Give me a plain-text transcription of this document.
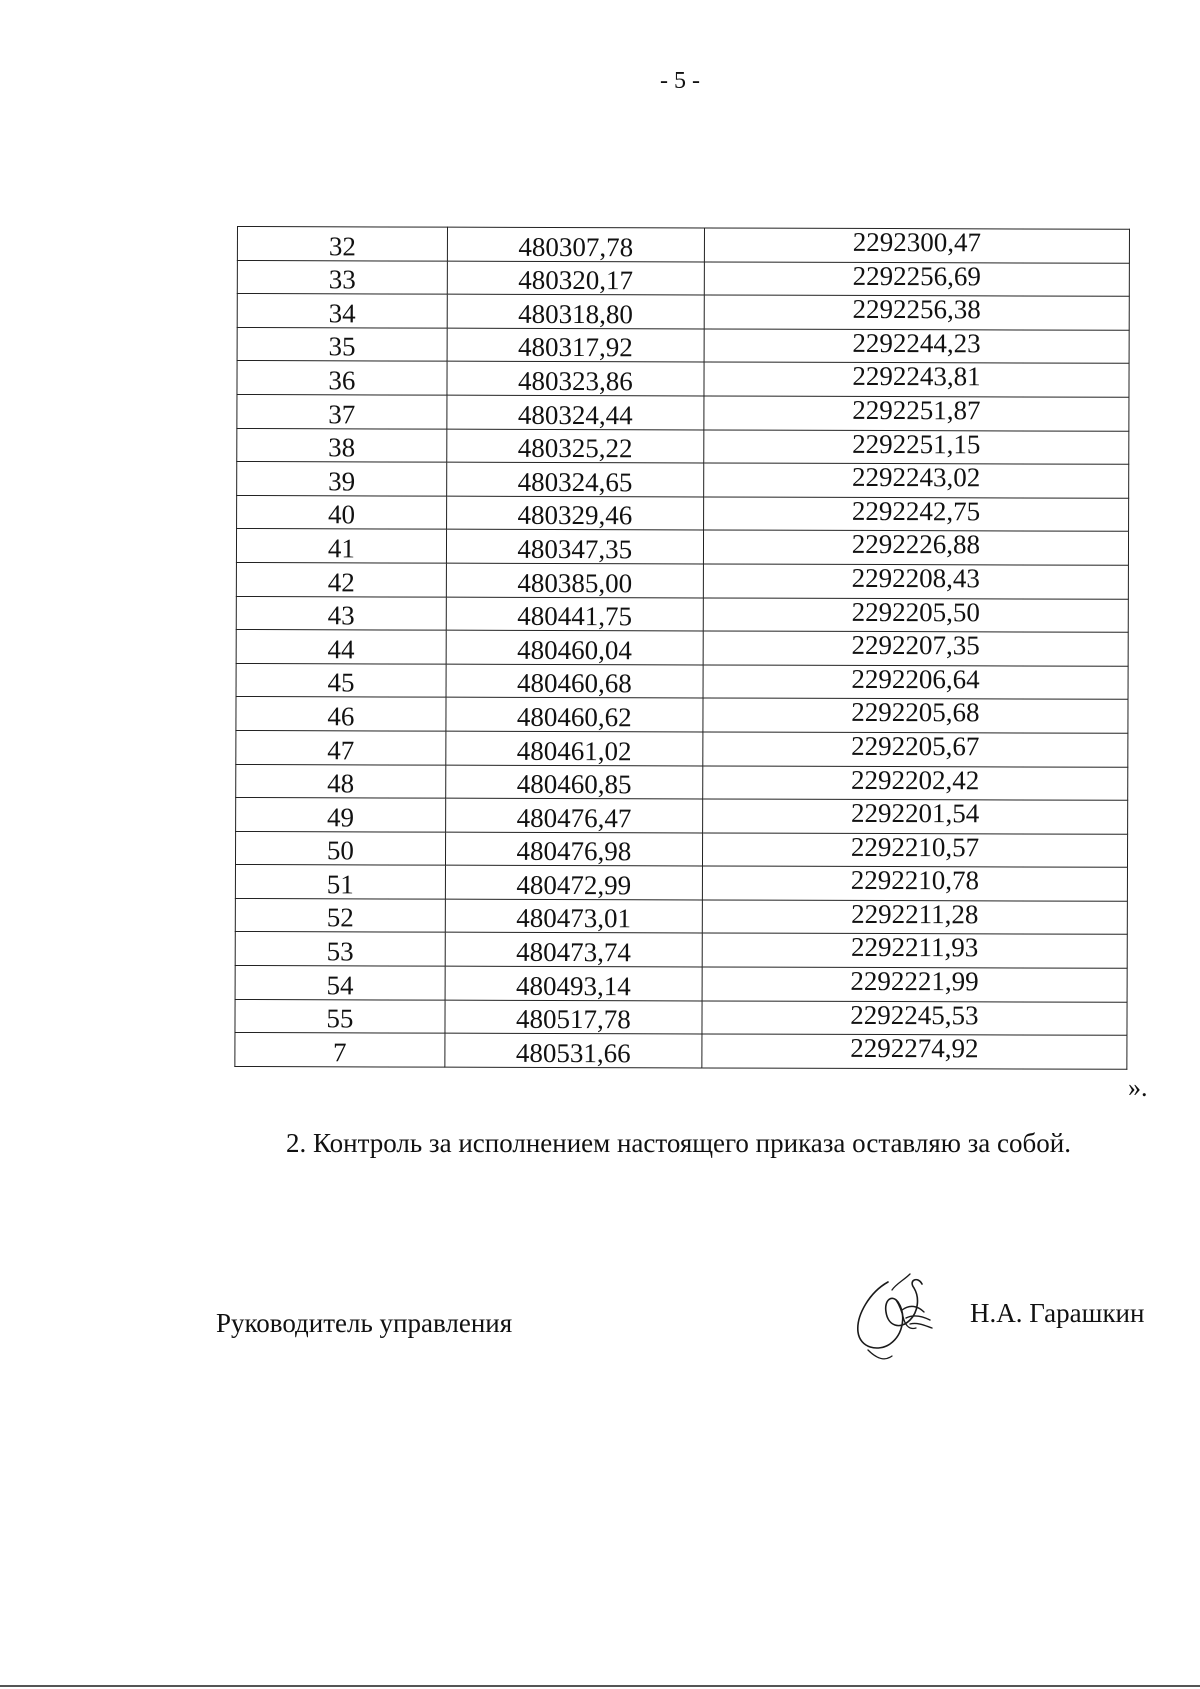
- 5 -
32	480307,78	2292300,47
33	480320,17	2292256,69
34	480318,80	2292256,38
35	480317,92	2292244,23
36	480323,86	2292243,81
37	480324,44	2292251,87
38	480325,22	2292251,15
39	480324,65	2292243,02
40	480329,46	2292242,75
41	480347,35	2292226,88
42	480385,00	2292208,43
43	480441,75	2292205,50
44	480460,04	2292207,35
45	480460,68	2292206,64
46	480460,62	2292205,68
47	480461,02	2292205,67
48	480460,85	2292202,42
49	480476,47	2292201,54
50	480476,98	2292210,57
51	480472,99	2292210,78
52	480473,01	2292211,28
53	480473,74	2292211,93
54	480493,14	2292221,99
55	480517,78	2292245,53
7	480531,66	2292274,92
».
2. Контроль за исполнением настоящего приказа оставляю за собой.
Руководитель управления	Н.А. Гарашкин
